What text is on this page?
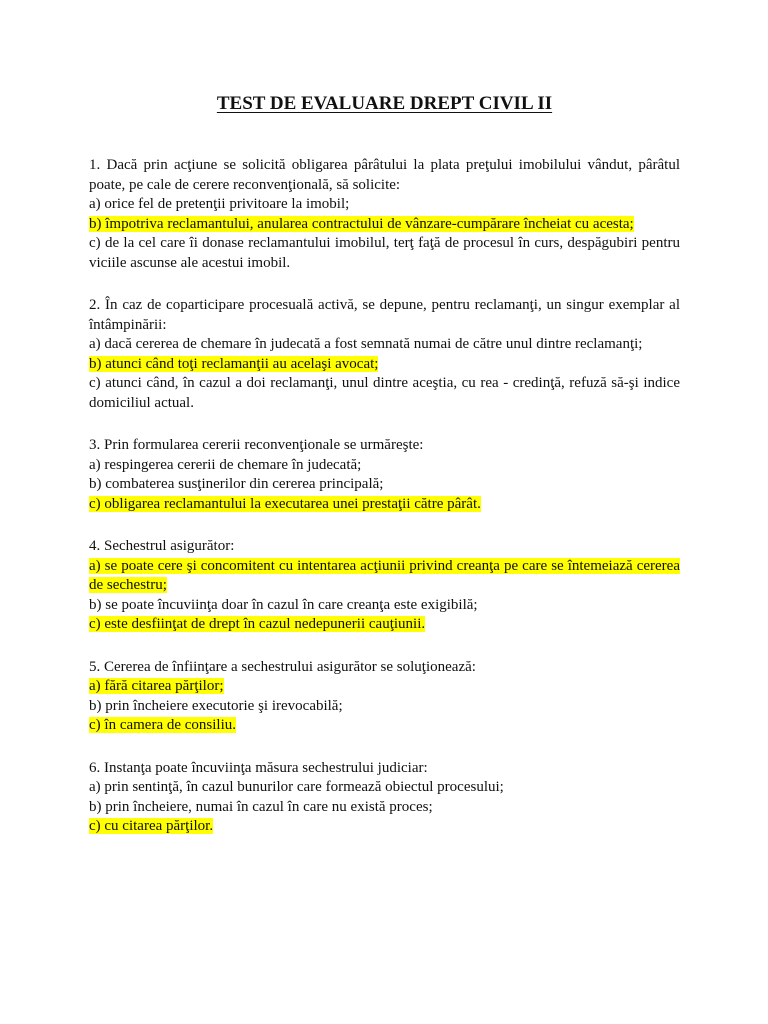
TEST DE EVALUARE DREPT CIVIL II
1. Dacă prin acţiune se solicită obligarea pârâtului la plata preţului imobilului vândut, pârâtul poate, pe cale de cerere reconvenţională, să solicite:
a) orice fel de pretenţii privitoare la imobil;
b) împotriva reclamantului, anularea contractului de vânzare-cumpărare încheiat cu acesta;
c) de la cel care îi donase reclamantului imobilul, terţ faţă de procesul în curs, despăgubiri pentru viciile ascunse ale acestui imobil.
2. În caz de coparticipare procesuală activă, se depune, pentru reclamanţi, un singur exemplar al întâmpinării:
a) dacă cererea de chemare în judecată a fost semnată numai de către unul dintre reclamanţi;
b) atunci când toţi reclamanţii au acelaşi avocat;
c) atunci când, în cazul a doi reclamanţi, unul dintre aceştia, cu rea - credinţă, refuză să-şi indice domiciliul actual.
3. Prin formularea cererii reconvenţionale se urmăreşte:
a) respingerea cererii de chemare în judecată;
b) combaterea susţinerilor din cererea principală;
c) obligarea reclamantului la executarea unei prestaţii către pârât.
4. Sechestrul asigurător:
a) se poate cere şi concomitent cu intentarea acţiunii privind creanţa pe care se întemeiază cererea de sechestru;
b) se poate încuviinţa doar în cazul în care creanţa este exigibilă;
c) este desfiinţat de drept în cazul nedepunerii cauţiunii.
5. Cererea de înfiinţare a sechestrului asigurător se soluţionează:
a) fără citarea părţilor;
b) prin încheiere executorie şi irevocabilă;
c) în camera de consiliu.
6. Instanţa poate încuviinţa măsura sechestrului judiciar:
a) prin sentinţă, în cazul bunurilor care formează obiectul procesului;
b) prin încheiere, numai în cazul în care nu există proces;
c) cu citarea părţilor.
